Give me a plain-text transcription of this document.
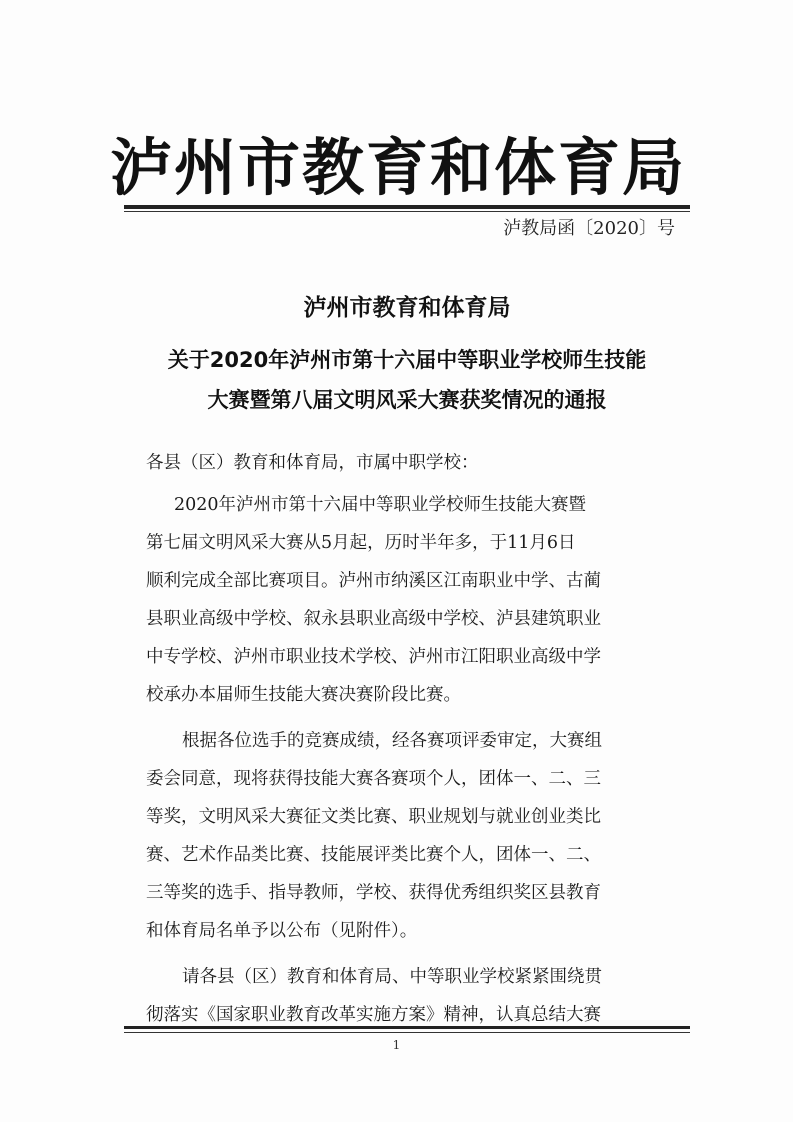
泸州市教育和体育局
泸教局函〔2020〕号
泸州市教育和体育局
关于2020年泸州市第十六届中等职业学校师生技能
大赛暨第八届文明风采大赛获奖情况的通报
各县（区）教育和体育局，市属中职学校：
2020年泸州市第十六届中等职业学校师生技能大赛暨
第七届文明风采大赛从5月起，历时半年多，于11月6日
顺利完成全部比赛项目。泸州市纳溪区江南职业中学、古蔺
县职业高级中学校、叙永县职业高级中学校、泸县建筑职业
中专学校、泸州市职业技术学校、泸州市江阳职业高级中学
校承办本届师生技能大赛决赛阶段比赛。
根据各位选手的竞赛成绩，经各赛项评委审定，大赛组
委会同意，现将获得技能大赛各赛项个人，团体一、二、三
等奖，文明风采大赛征文类比赛、职业规划与就业创业类比
赛、艺术作品类比赛、技能展评类比赛个人，团体一、二、
三等奖的选手、指导教师，学校、获得优秀组织奖区县教育
和体育局名单予以公布（见附件）。
请各县（区）教育和体育局、中等职业学校紧紧围绕贯
彻落实《国家职业教育改革实施方案》精神，认真总结大赛
1
